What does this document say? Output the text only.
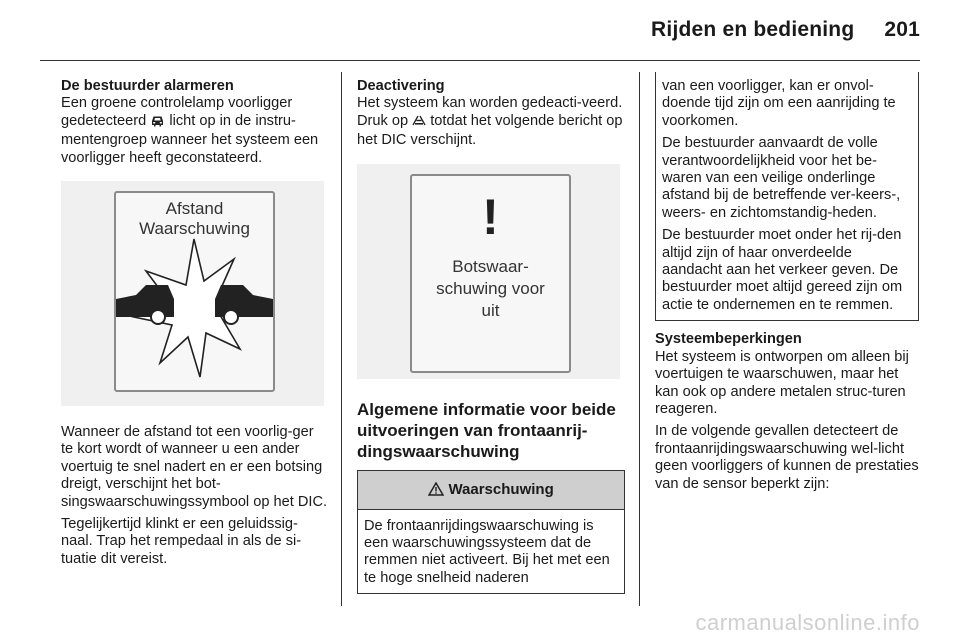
Rijden en bediening 201

De bestuurder alarmeren

Een groene controlelamp voorligger gedetecteerd licht op in de instru-mentengroep wanneer het systeem een voorligger heeft geconstateerd.

Afstand
Waarschuwing

Wanneer de afstand tot een voorlig-ger te kort wordt of wanneer u een ander voertuig te snel nadert en er een botsing dreigt, verschijnt het bot-singswaarschuwingssymbool op het DIC.

Tegelijkertijd klinkt er een geluidssig-naal. Trap het rempedaal in als de si-tuatie dit vereist.

Deactivering

Het systeem kan worden gedeacti-veerd. Druk op totdat het volgende bericht op het DIC verschijnt.

!
Botswaar-
schuwing voor
uit

Algemene informatie voor beide uitvoeringen van frontaanrij-dingswaarschuwing

Waarschuwing
De frontaanrijdingswaarschuwing is een waarschuwingssysteem dat de remmen niet activeert. Bij het met een te hoge snelheid naderen

van een voorligger, kan er onvol-doende tijd zijn om een aanrijding te voorkomen.

De bestuurder aanvaardt de volle verantwoordelijkheid voor het be-waren van een veilige onderlinge afstand bij de betreffende ver-keers-, weers- en zichtomstandig-heden.

De bestuurder moet onder het rij-den altijd zijn of haar onverdeelde aandacht aan het verkeer geven. De bestuurder moet altijd gereed zijn om actie te ondernemen en te remmen.

Systeembeperkingen

Het systeem is ontworpen om alleen bij voertuigen te waarschuwen, maar het kan ook op andere metalen struc-turen reageren.

In de volgende gevallen detecteert de frontaanrijdingswaarschuwing wel-licht geen voorliggers of kunnen de prestaties van de sensor beperkt zijn:

carmanualsonline.info
